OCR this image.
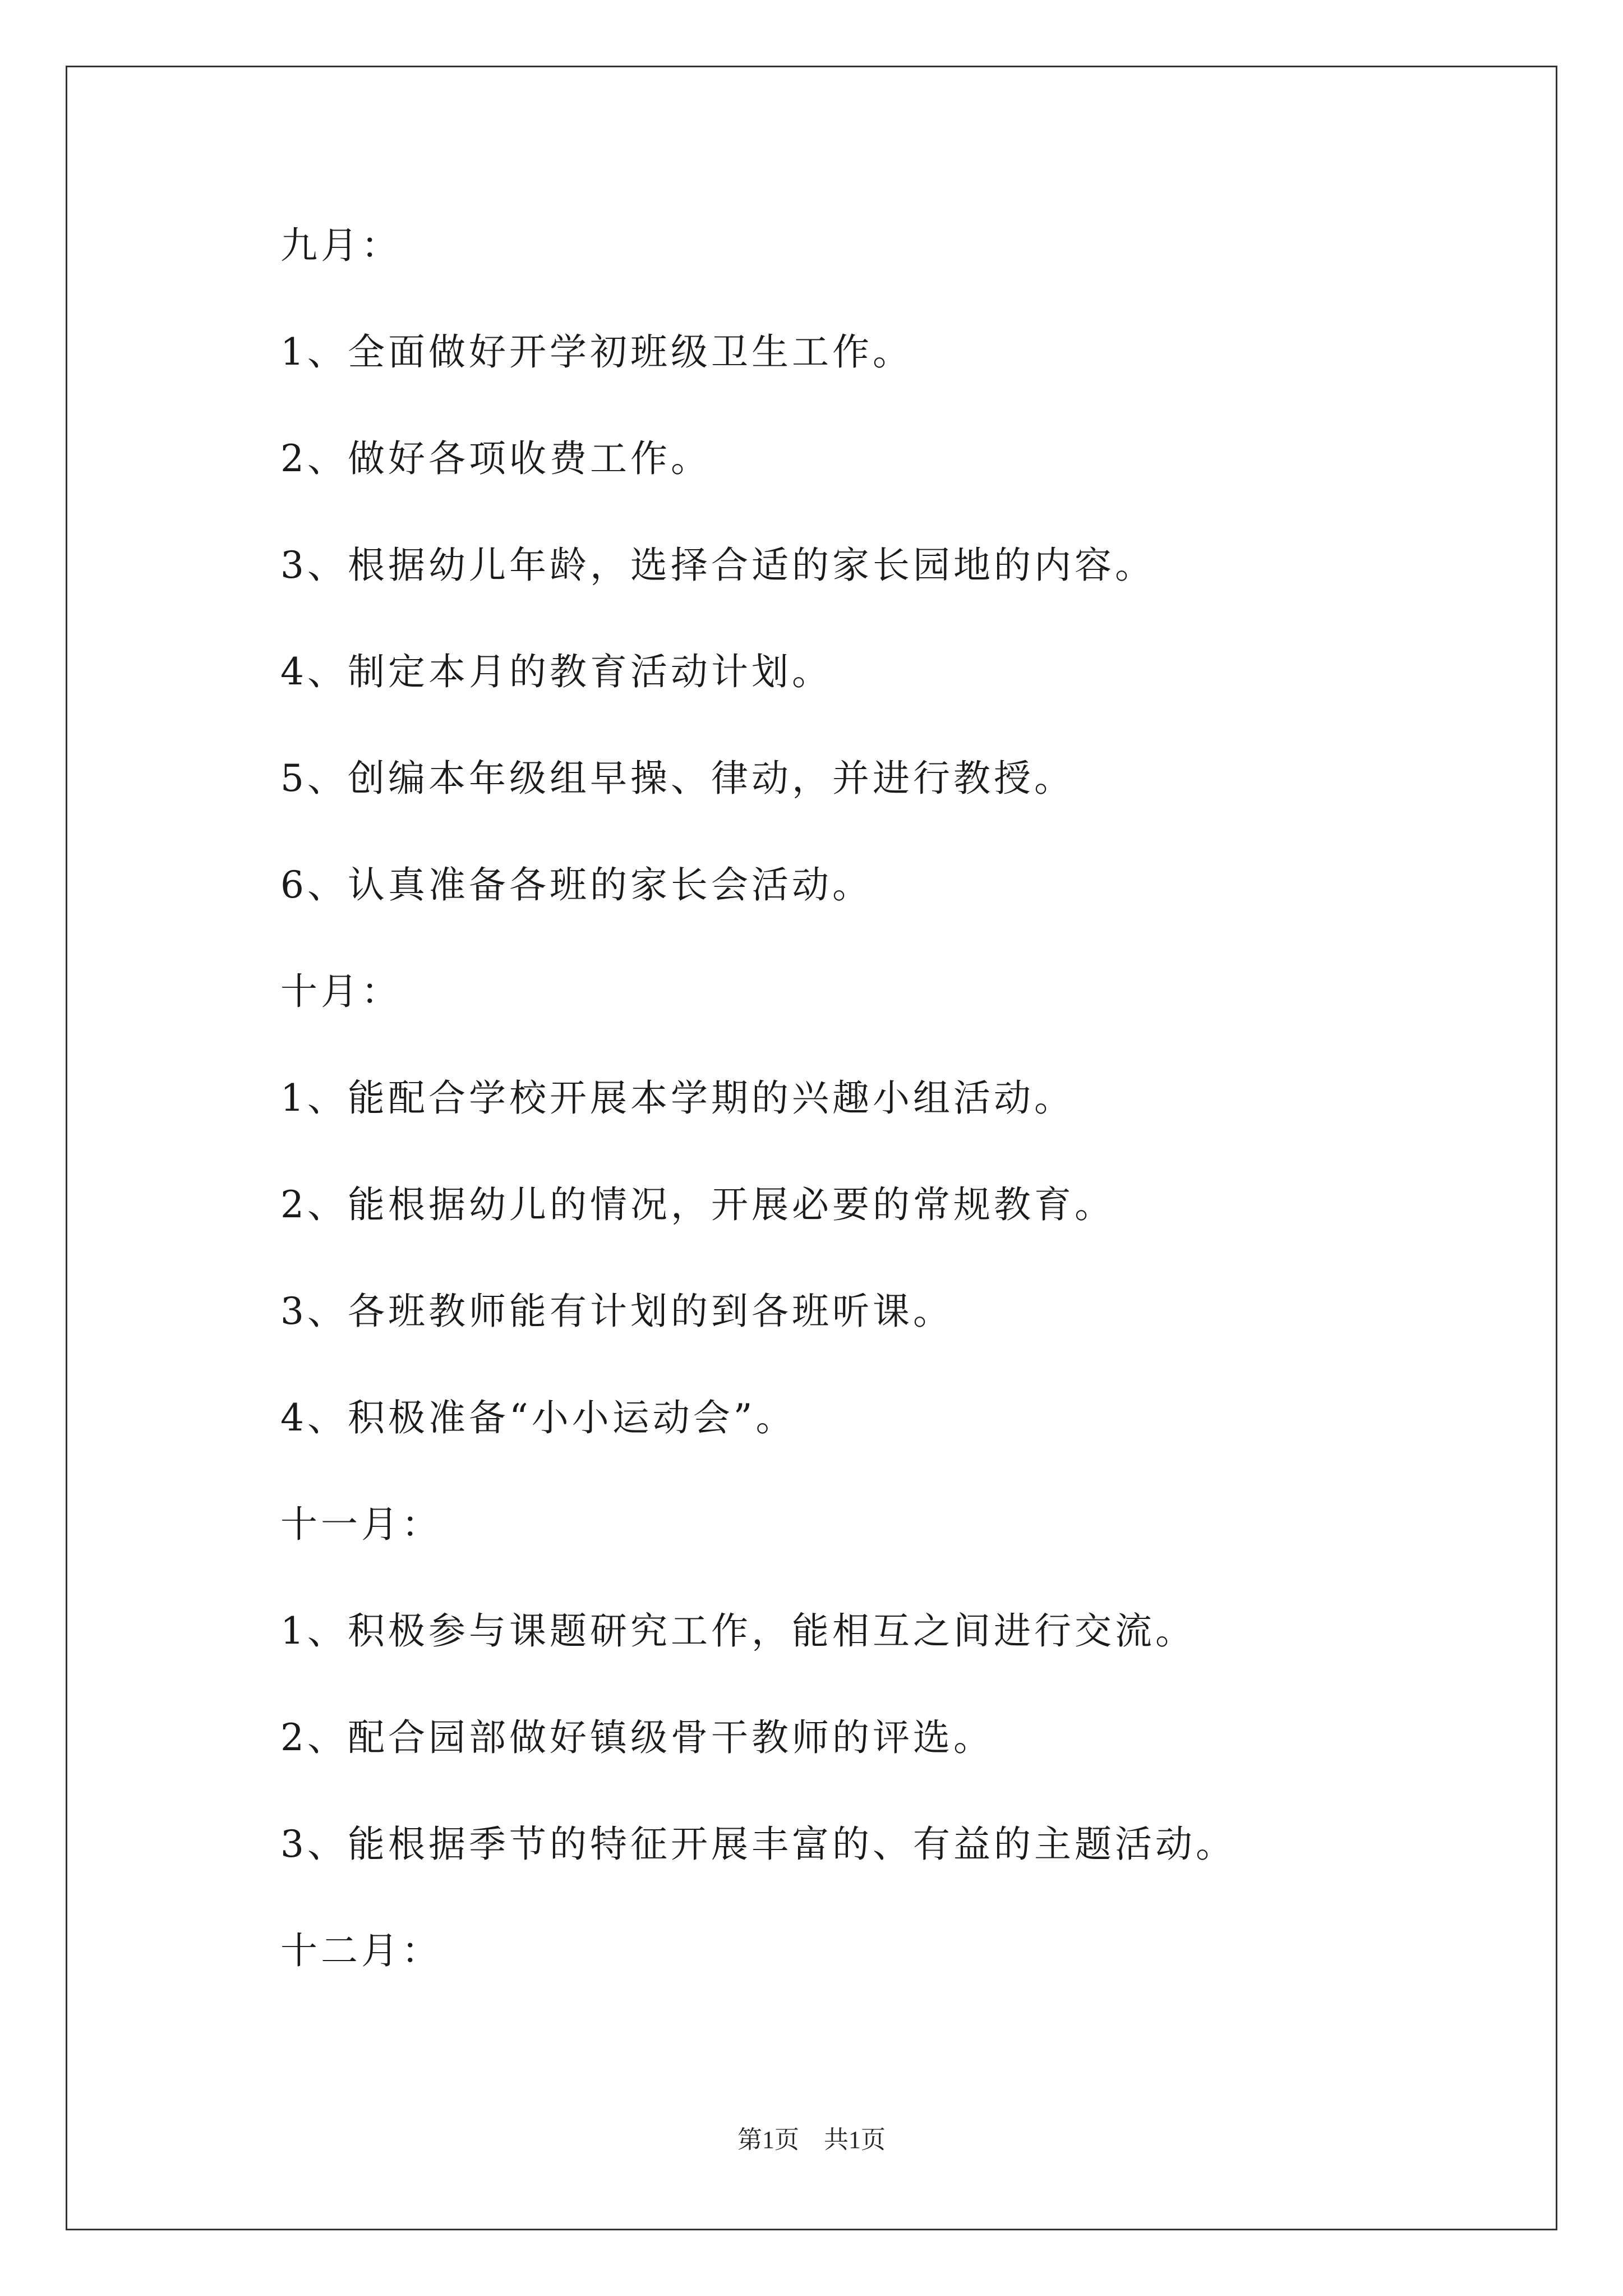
九月：
1、全面做好开学初班级卫生工作。
2、做好各项收费工作。
3、根据幼儿年龄，选择合适的家长园地的内容。
4、制定本月的教育活动计划。
5、创编本年级组早操、律动，并进行教授。
6、认真准备各班的家长会活动。
十月：
1、能配合学校开展本学期的兴趣小组活动。
2、能根据幼儿的情况，开展必要的常规教育。
3、各班教师能有计划的到各班听课。
4、积极准备“小小运动会”。
十一月：
1、积极参与课题研究工作，能相互之间进行交流。
2、配合园部做好镇级骨干教师的评选。
3、能根据季节的特征开展丰富的、有益的主题活动。
十二月：
第1页　共1页
